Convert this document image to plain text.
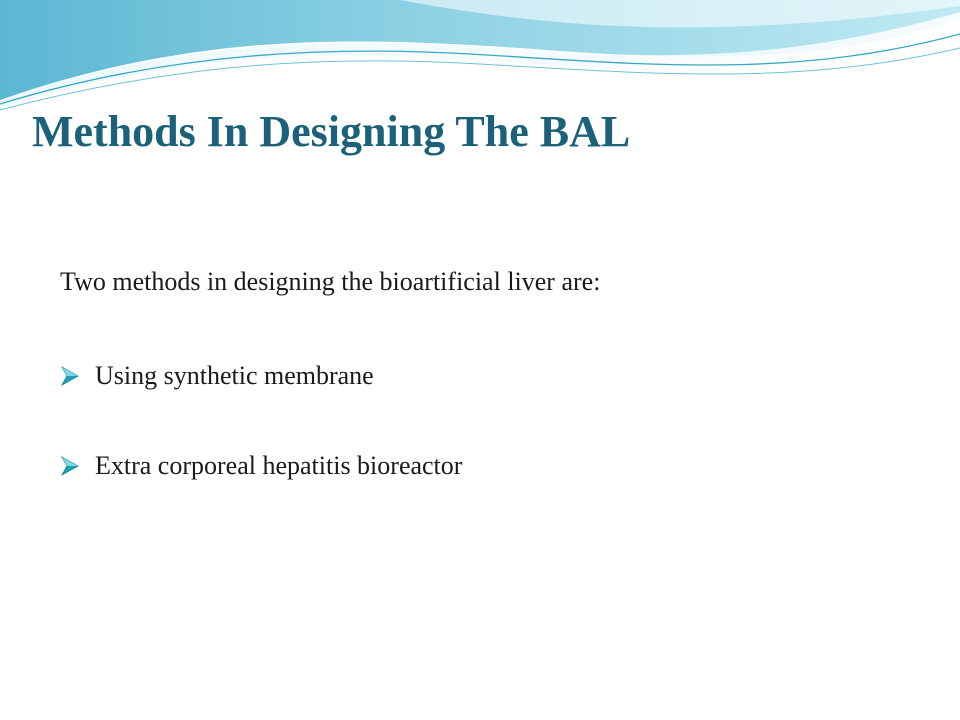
Methods In Designing The BAL

Two methods in designing the bioartificial liver are:

Using synthetic membrane
Extra corporeal hepatitis bioreactor
